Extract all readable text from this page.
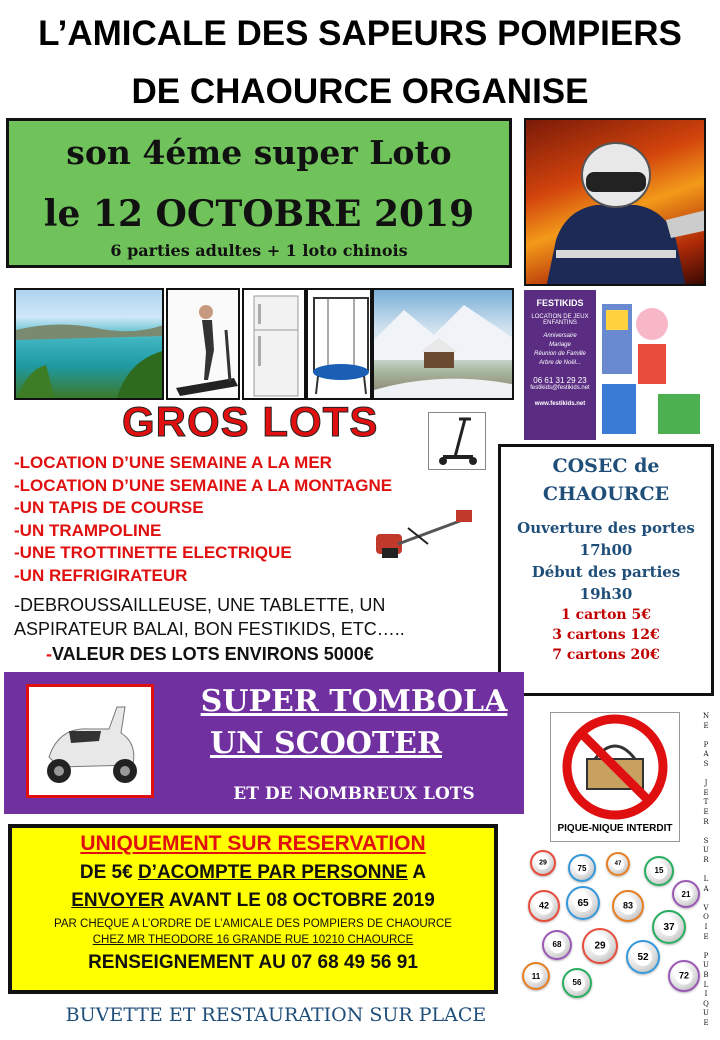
L’AMICALE DES SAPEURS POMPIERS
DE CHAOURCE ORGANISE
son 4éme super Loto
le 12 OCTOBRE 2019
6 parties adultes + 1 loto chinois
FESTIKIDS
LOCATION DE JEUX ENFANTINS
Anniversaire
Mariage
Réunion de Famille
Arbre de Noël...
06 61 31 29 23
festikids@festikids.net
www.festikids.net
GROS LOTS
-LOCATION D’UNE SEMAINE A LA MER
-LOCATION D’UNE SEMAINE A LA MONTAGNE
-UN TAPIS DE COURSE
-UN TRAMPOLINE
-UNE TROTTINETTE ELECTRIQUE
-UN REFRIGIRATEUR
-DEBROUSSAILLEUSE, UNE TABLETTE, UN
ASPIRATEUR BALAI, BON FESTIKIDS, ETC…..
-VALEUR DES LOTS ENVIRONS 5000€
COSEC de
CHAOURCE
Ouverture des portes
17h00
Début des parties
19h30
1 carton 5€
3 cartons 12€
7 cartons 20€
SUPER TOMBOLA
UN SCOOTER
ET DE NOMBREUX LOTS
PIQUE-NIQUE INTERDIT
N
E

P
A
S

J
E
T
E
R

S
U
R

L
A

V
O
I
E

P
U
B
L
I
Q
U
E
29
75	47
15
21
42	65	83
37
68	29
52
11
56
72
UNIQUEMENT SUR RESERVATION
DE 5€ D’ACOMPTE PAR PERSONNE A
ENVOYER AVANT LE 08 OCTOBRE 2019
PAR CHEQUE A L’ORDRE DE L’AMICALE DES POMPIERS DE CHAOURCE
CHEZ MR THEODORE 16 GRANDE RUE 10210 CHAOURCE
RENSEIGNEMENT AU 07 68 49 56 91
BUVETTE ET RESTAURATION SUR PLACE
